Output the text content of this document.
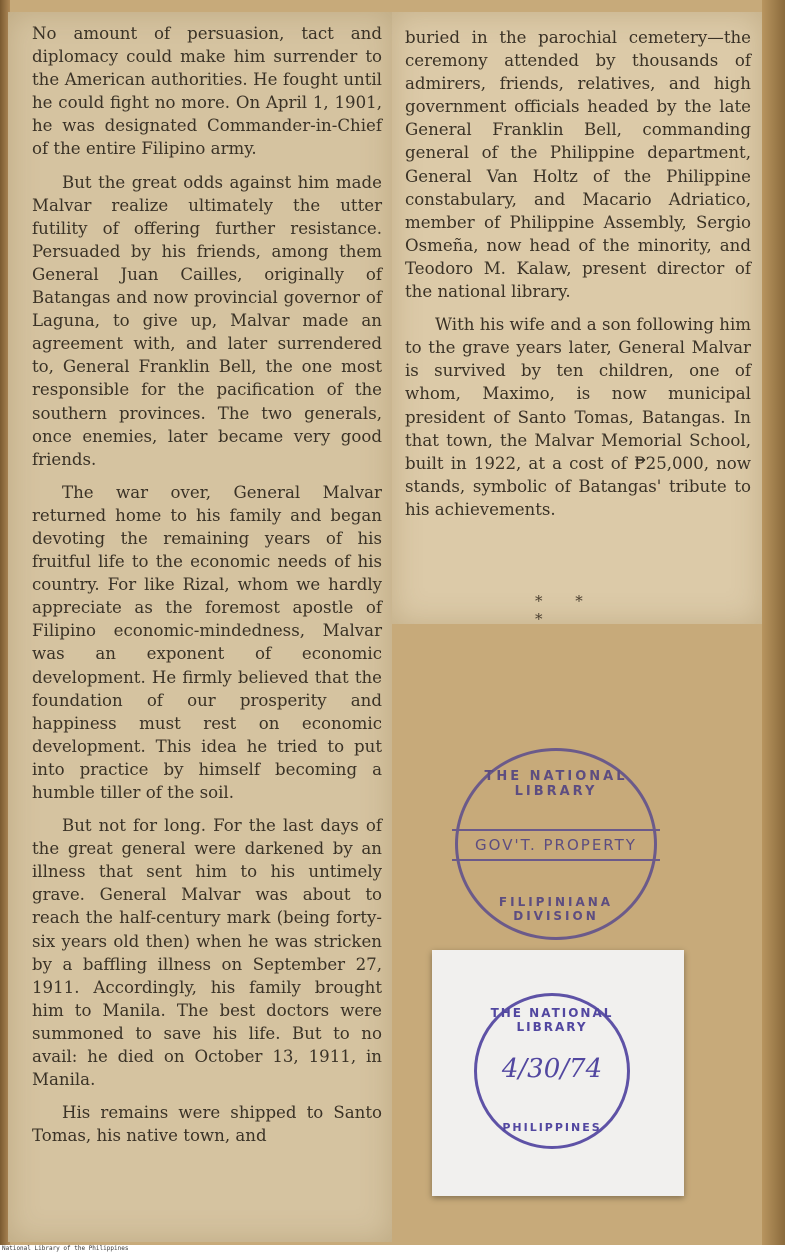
No amount of persuasion, tact and diplomacy could make him surrender to the American authorities. He fought until he could fight no more. On April 1, 1901, he was designated Commander-in-Chief of the entire Filipino army.

But the great odds against him made Malvar realize ultimately the utter futility of offering further resistance. Persuaded by his friends, among them General Juan Cailles, originally of Batangas and now provincial governor of Laguna, to give up, Malvar made an agreement with, and later surrendered to, General Franklin Bell, the one most responsible for the pacification of the southern provinces. The two generals, once enemies, later became very good friends.

The war over, General Malvar returned home to his family and began devoting the remaining years of his fruitful life to the economic needs of his country. For like Rizal, whom we hardly appreciate as the foremost apostle of Filipino economic-mindedness, Malvar was an exponent of economic development. He firmly believed that the foundation of our prosperity and happiness must rest on economic development. This idea he tried to put into practice by himself becoming a humble tiller of the soil.

But not for long. For the last days of the great general were darkened by an illness that sent him to his untimely grave. General Malvar was about to reach the half-century mark (being forty-six years old then) when he was stricken by a baffling illness on September 27, 1911. Accordingly, his family brought him to Manila. The best doctors were summoned to save his life. But to no avail: he died on October 13, 1911, in Manila.

His remains were shipped to Santo Tomas, his native town, and

buried in the parochial cemetery—the ceremony attended by thousands of admirers, friends, relatives, and high government officials headed by the late General Franklin Bell, commanding general of the Philippine department, General Van Holtz of the Philippine constabulary, and Macario Adriatico, member of Philippine Assembly, Sergio Osmeña, now head of the minority, and Teodoro M. Kalaw, present director of the national library.

With his wife and a son following him to the grave years later, General Malvar is survived by ten children, one of whom, Maximo, is now municipal president of Santo Tomas, Batangas. In that town, the Malvar Memorial School, built in 1922, at a cost of ₱25,000, now stands, symbolic of Batangas' tribute to his achievements.

* * *
THE NATIONAL LIBRARY
GOV'T. PROPERTY
FILIPINIANA DIVISION
THE NATIONAL LIBRARY
4/30/74
PHILIPPINES
National Library of the Philippines
